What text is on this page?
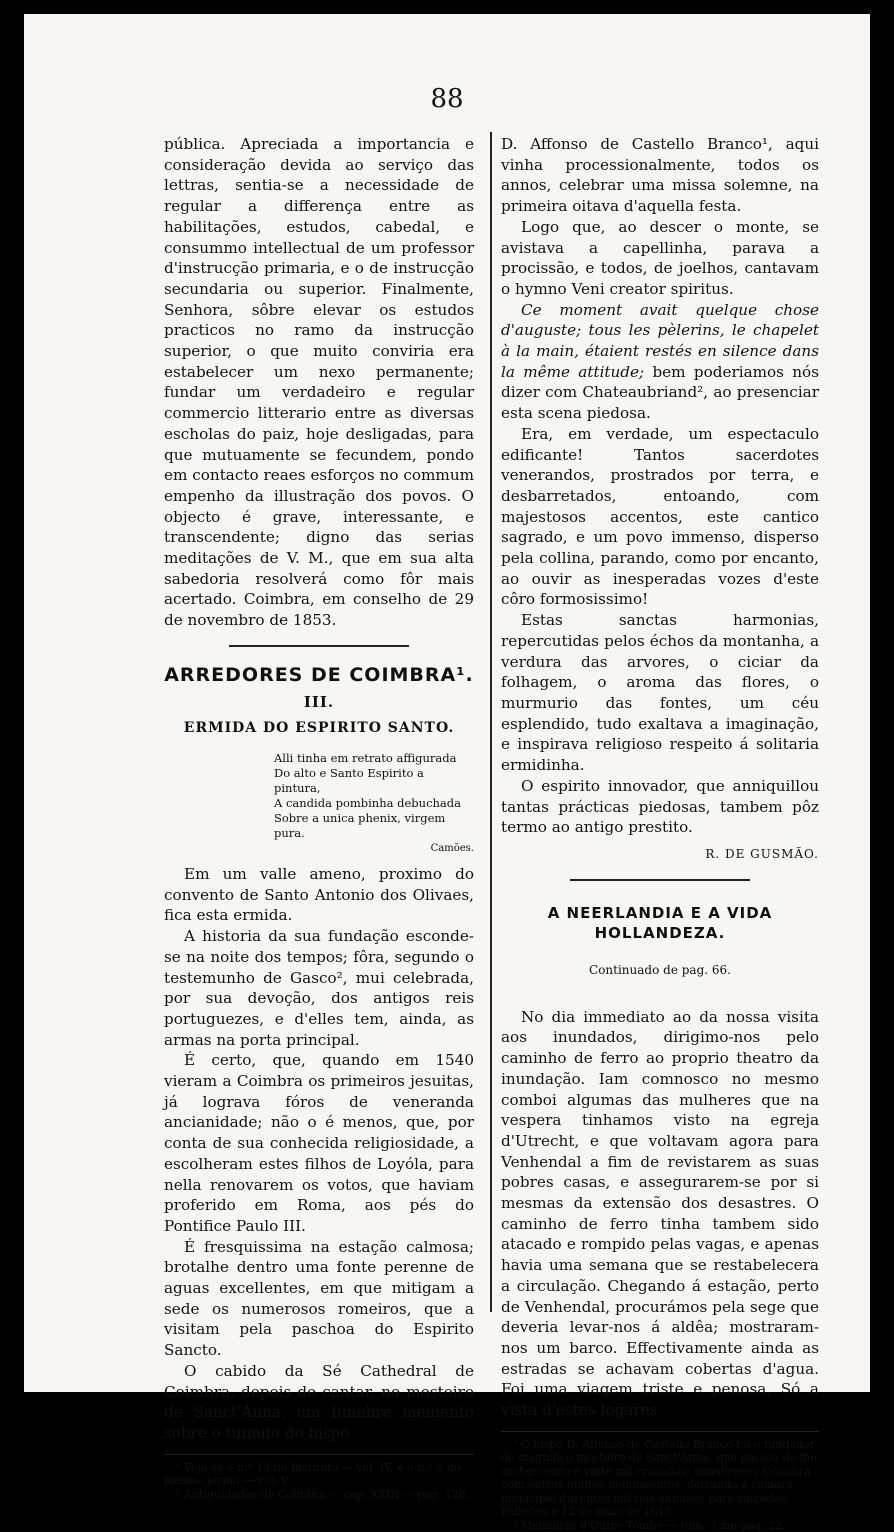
88

pública. Apreciada a importancia e consideração devida ao serviço das lettras, sentia-se a necessidade de regular a differença entre as habilitações, estudos, cabedal, e consummo intellectual de um professor d'instrucção primaria, e o de instrucção secundaria ou superior. Finalmente, Senhora, sôbre elevar os estudos practicos no ramo da instrucção superior, o que muito conviria era estabelecer um nexo permanente; fundar um verdadeiro e regular commercio litterario entre as diversas escholas do paiz, hoje desligadas, para que mutuamente se fecundem, pondo em contacto reaes esforços no commum empenho da illustração dos povos. O objecto é grave, interessante, e transcendente; digno das serias meditações de V. M., que em sua alta sabedoria resolverá como fôr mais acertado. Coimbra, em conselho de 29 de novembro de 1853.

ARREDORES DE COIMBRA¹.
III.
ERMIDA DO ESPIRITO SANTO.
Alli tinha em retrato affigurada
Do alto e Santo Espirito a pintura,
A candida pombinha debuchada
Sobre a unica phenix, virgem pura.
Camões.

Em um valle ameno, proximo do convento de Santo Antonio dos Olivaes, fica esta ermida.

A historia da sua fundação esconde-se na noite dos tempos; fôra, segundo o testemunho de Gasco², mui celebrada, por sua devoção, dos antigos reis portuguezes, e d'elles tem, ainda, as armas na porta principal.

É certo, que, quando em 1540 vieram a Coimbra os primeiros jesuitas, já lograva fóros de veneranda ancianidade; não o é menos, que, por conta de sua conhecida religiosidade, a escolheram estes filhos de Loyóla, para nella renovarem os votos, que haviam proferido em Roma, aos pés do Pontifice Paulo III.

É fresquissima na estação calmosa; brotalhe dentro uma fonte perenne de aguas excellentes, em que mitigam a sede os numerosos romeiros, que a visitam pela paschoa do Espirito Sancto.

O cabido da Sé Cathedral de Coimbra, depois de cantar, no mosteiro de Sanct'Anna, um funebre memento sobre o tumulo do bispo

¹ Veja-se o n.º 13 do Instituto — vol. IV, e o n.º 3 do mesmo jornal — vol. V.

² Antiguidades de Coimbra — cap. XXIII — pag. 128.

D. Affonso de Castello Branco¹, aqui vinha processionalmente, todos os annos, celebrar uma missa solemne, na primeira oitava d'aquella festa.

Logo que, ao descer o monte, se avistava a capellinha, parava a procissão, e todos, de joelhos, cantavam o hymno Veni creator spiritus.

Ce moment avait quelque chose d'auguste; tous les pèlerins, le chapelet à la main, étaient restés en silence dans la même attitude; bem poderiamos nós dizer com Chateaubriand², ao presenciar esta scena piedosa.

Era, em verdade, um espectaculo edificante! Tantos sacerdotes venerandos, prostrados por terra, e desbarretados, entoando, com majestosos accentos, este cantico sagrado, e um povo immenso, disperso pela collina, parando, como por encanto, ao ouvir as inesperadas vozes d'este côro formosissimo!

Estas sanctas harmonias, repercutidas pelos échos da montanha, a verdura das arvores, o ciciar da folhagem, o aroma das flores, o murmurio das fontes, um céu esplendido, tudo exaltava a imaginação, e inspirava religioso respeito á solitaria ermidinha.

O espirito innovador, que anniquillou tantas prácticas piedosas, tambem pôz termo ao antigo prestito.

R. DE GUSMÃO.
A NEERLANDIA E A VIDA HOLLANDEZA.
Continuado de pag. 66.

No dia immediato ao da nossa visita aos inundados, dirigimo-nos pelo caminho de ferro ao proprio theatro da inundação. Iam comnosco no mesmo comboi algumas das mulheres que na vespera tinhamos visto na egreja d'Utrecht, e que voltavam agora para Venhendal a fim de revistarem as suas pobres casas, e assegurarem-se por si mesmas da extensão dos desastres. O caminho de ferro tinha tambem sido atacado e rompido pelas vagas, e apenas havia uma semana que se restabelecera a circulação. Chegando á estação, perto de Venhendal, procurámos pela sege que deveria levar-nos á aldêa; mostraram-nos um barco. Effectivamente ainda as estradas se achavam cobertas d'agua. Foi uma viagem triste e penosa. Só a vista d'estes logares

¹ O bispo D. Affonso de Castello Branco foi o fundador do magnifico mosteiro de Sanct'Anna, que passou de lhe custar cento e vinte mil cruzados; ennobreceu Coimbra com outros muitos monumentos, deixando á camara municipal duzentos mil réis annuaes para calçadas. Falleceu a 12 de maio de 1615.

² Memoires d'Outre-Tombe — tom. 3.me pag. 22.
